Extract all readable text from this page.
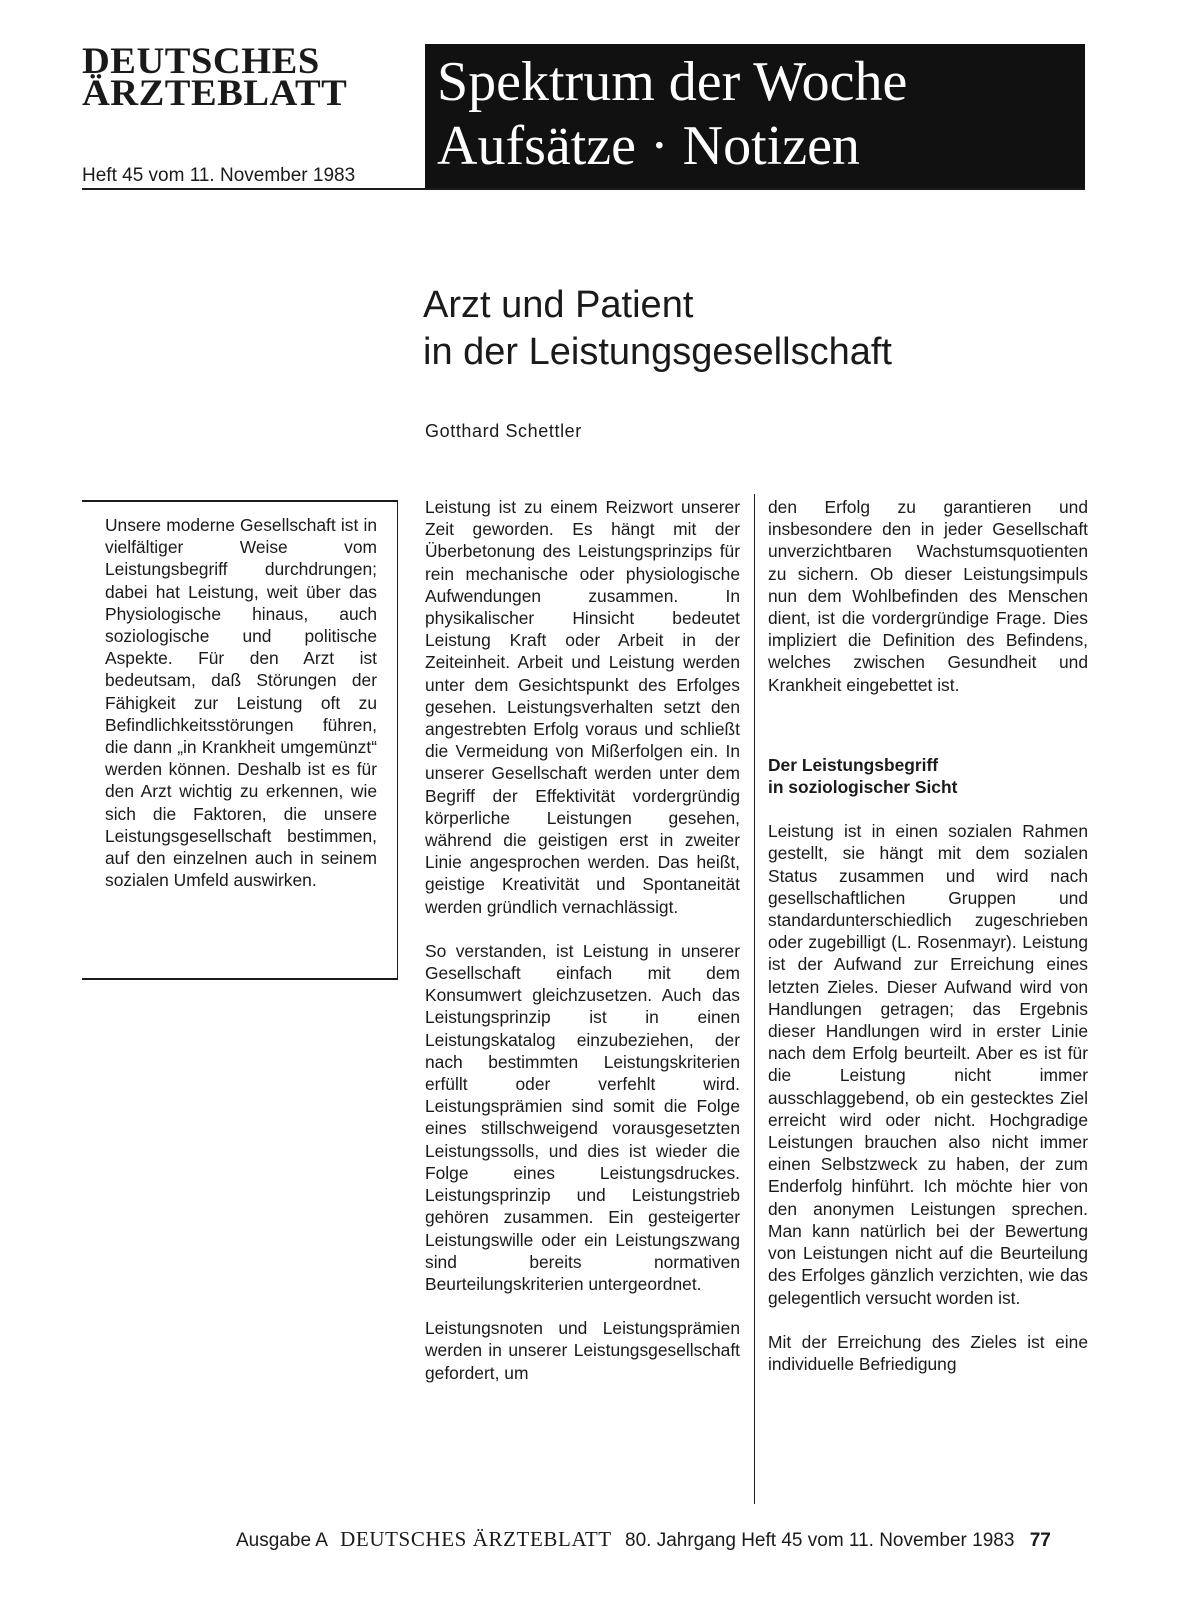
DEUTSCHES
ÄRZTEBLATT
Heft 45 vom 11. November 1983
Spektrum der Woche
Aufsätze · Notizen
Arzt und Patient
in der Leistungsgesellschaft
Gotthard Schettler
Unsere moderne Gesellschaft ist in vielfältiger Weise vom Leistungsbegriff durchdrungen; dabei hat Leistung, weit über das Physiologische hinaus, auch soziologische und politische Aspekte. Für den Arzt ist bedeutsam, daß Störungen der Fähigkeit zur Leistung oft zu Befindlichkeitsstörungen führen, die dann „in Krankheit umgemünzt“ werden können. Deshalb ist es für den Arzt wichtig zu erkennen, wie sich die Faktoren, die unsere Leistungsgesellschaft bestimmen, auf den einzelnen auch in seinem sozialen Umfeld auswirken.

Leistung ist zu einem Reizwort unserer Zeit geworden. Es hängt mit der Überbetonung des Leistungsprinzips für rein mechanische oder physiologische Aufwendungen zusammen. In physikalischer Hinsicht bedeutet Leistung Kraft oder Arbeit in der Zeiteinheit. Arbeit und Leistung werden unter dem Gesichtspunkt des Erfolges gesehen. Leistungsverhalten setzt den angestrebten Erfolg voraus und schließt die Vermeidung von Mißerfolgen ein. In unserer Gesellschaft werden unter dem Begriff der Effektivität vordergründig körperliche Leistungen gesehen, während die geistigen erst in zweiter Linie angesprochen werden. Das heißt, geistige Kreativität und Spontaneität werden gründlich vernachlässigt.

So verstanden, ist Leistung in unserer Gesellschaft einfach mit dem Konsumwert gleichzusetzen. Auch das Leistungsprinzip ist in einen Leistungskatalog einzubeziehen, der nach bestimmten Leistungskriterien erfüllt oder verfehlt wird. Leistungsprämien sind somit die Folge eines stillschweigend vorausgesetzten Leistungssolls, und dies ist wieder die Folge eines Leistungsdruckes. Leistungsprinzip und Leistungstrieb gehören zusammen. Ein gesteigerter Leistungswille oder ein Leistungszwang sind bereits normativen Beurteilungskriterien untergeordnet.

Leistungsnoten und Leistungsprämien werden in unserer Leistungsgesellschaft gefordert, um

den Erfolg zu garantieren und insbesondere den in jeder Gesellschaft unverzichtbaren Wachstumsquotienten zu sichern. Ob dieser Leistungsimpuls nun dem Wohlbefinden des Menschen dient, ist die vordergründige Frage. Dies impliziert die Definition des Befindens, welches zwischen Gesundheit und Krankheit eingebettet ist.

Der Leistungsbegriff
in soziologischer Sicht

Leistung ist in einen sozialen Rahmen gestellt, sie hängt mit dem sozialen Status zusammen und wird nach gesellschaftlichen Gruppen und standardunterschiedlich zugeschrieben oder zugebilligt (L. Rosenmayr). Leistung ist der Aufwand zur Erreichung eines letzten Zieles. Dieser Aufwand wird von Handlungen getragen; das Ergebnis dieser Handlungen wird in erster Linie nach dem Erfolg beurteilt. Aber es ist für die Leistung nicht immer ausschlaggebend, ob ein gestecktes Ziel erreicht wird oder nicht. Hochgradige Leistungen brauchen also nicht immer einen Selbstzweck zu haben, der zum Enderfolg hinführt. Ich möchte hier von den anonymen Leistungen sprechen. Man kann natürlich bei der Bewertung von Leistungen nicht auf die Beurteilung des Erfolges gänzlich verzichten, wie das gelegentlich versucht worden ist.

Mit der Erreichung des Zieles ist eine individuelle Befriedigung

Ausgabe A DEUTSCHES ÄRZTEBLATT 80. Jahrgang Heft 45 vom 11. November 1983 77
